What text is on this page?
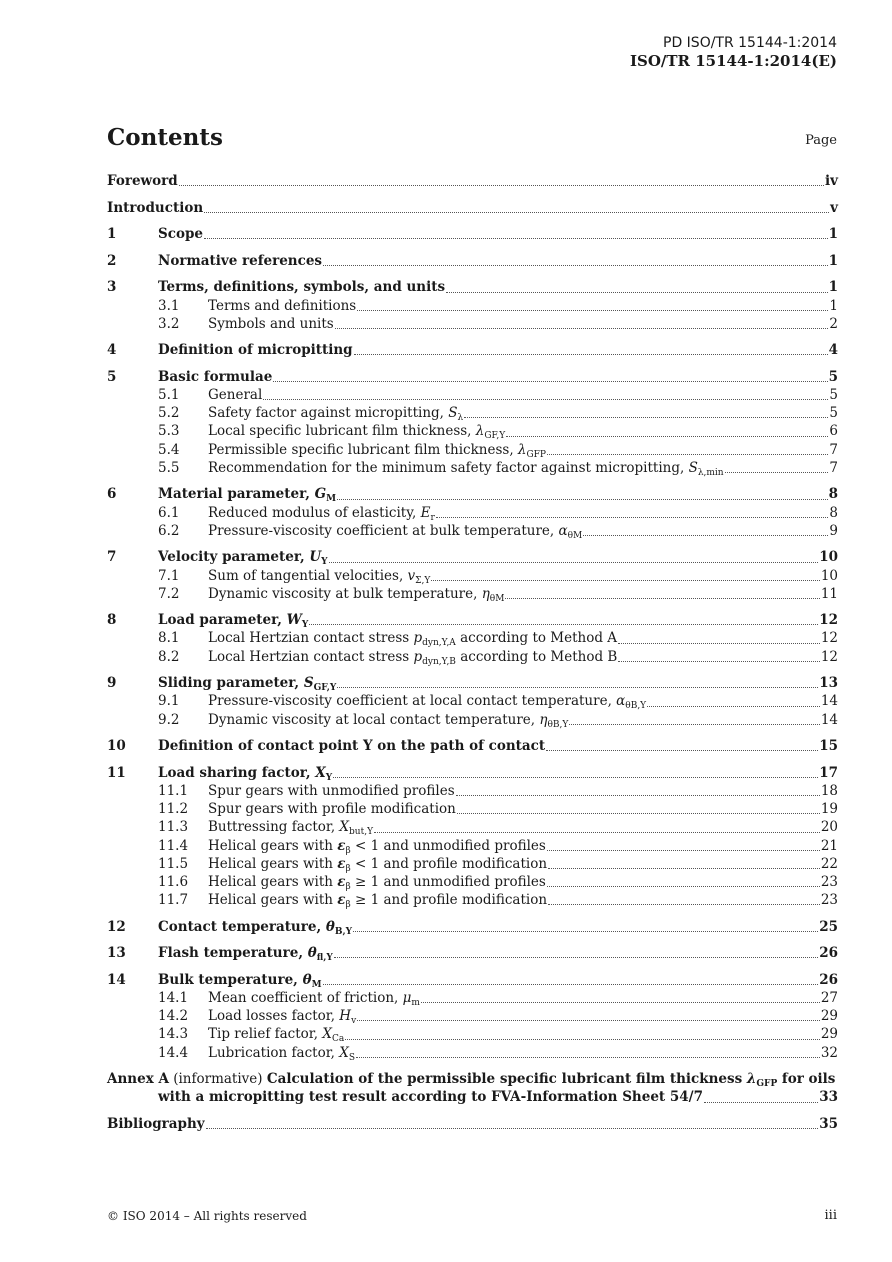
PD ISO/TR 15144-1:2014
ISO/TR 15144-1:2014(E)
Contents	Page
Foreword	iv
Introduction	v
1	Scope	1
2	Normative references	1
3	Terms, definitions, symbols, and units	1
3.1	Terms and definitions	1
3.2	Symbols and units	2
4	Definition of micropitting	4
5	Basic formulae	5
5.1	General	5
5.2	Safety factor against micropitting, $S_\lambda$	5
5.3	Local specific lubricant film thickness, $\lambda_{GF,Y}$	6
5.4	Permissible specific lubricant film thickness, $\lambda_{GFP}$	7
5.5	Recommendation for the minimum safety factor against micropitting, $S_{\lambda,min}$	7
6	Material parameter, $G_M$	8
6.1	Reduced modulus of elasticity, $E_r$	8
6.2	Pressure-viscosity coefficient at bulk temperature, $\alpha_{\theta M}$	9
7	Velocity parameter, $U_Y$	10
7.1	Sum of tangential velocities, $v_{\Sigma,Y}$	10
7.2	Dynamic viscosity at bulk temperature, $\eta_{\theta M}$	11
8	Load parameter, $W_Y$	12
8.1	Local Hertzian contact stress $p_{dyn,Y,A}$ according to Method A	12
8.2	Local Hertzian contact stress $p_{dyn,Y,B}$ according to Method B	12
9	Sliding parameter, $S_{GF,Y}$	13
9.1	Pressure-viscosity coefficient at local contact temperature, $\alpha_{\theta B,Y}$	14
9.2	Dynamic viscosity at local contact temperature, $\eta_{\theta B,Y}$	14
10	Definition of contact point Y on the path of contact	15
11	Load sharing factor, $X_Y$	17
11.1	Spur gears with unmodified profiles	18
11.2	Spur gears with profile modification	19
11.3	Buttressing factor, $X_{but,Y}$	20
11.4	Helical gears with $\varepsilon_\beta < 1$ and unmodified profiles	21
11.5	Helical gears with $\varepsilon_\beta < 1$ and profile modification	22
11.6	Helical gears with $\varepsilon_\beta \ge 1$ and unmodified profiles	23
11.7	Helical gears with $\varepsilon_\beta \ge 1$ and profile modification	23
12	Contact temperature, $\theta_{B,Y}$	25
13	Flash temperature, $\theta_{fl,Y}$	26
14	Bulk temperature, $\theta_M$	26
14.1	Mean coefficient of friction, $\mu_m$	27
14.2	Load losses factor, $H_v$	29
14.3	Tip relief factor, $X_{Ca}$	29
14.4	Lubrication factor, $X_S$	32
Annex A (informative) Calculation of the permissible specific lubricant film thickness $\lambda_{GFP}$ for oils
with a micropitting test result according to FVA-Information Sheet 54/7	33
Bibliography	35
© ISO 2014 – All rights reserved	iii
